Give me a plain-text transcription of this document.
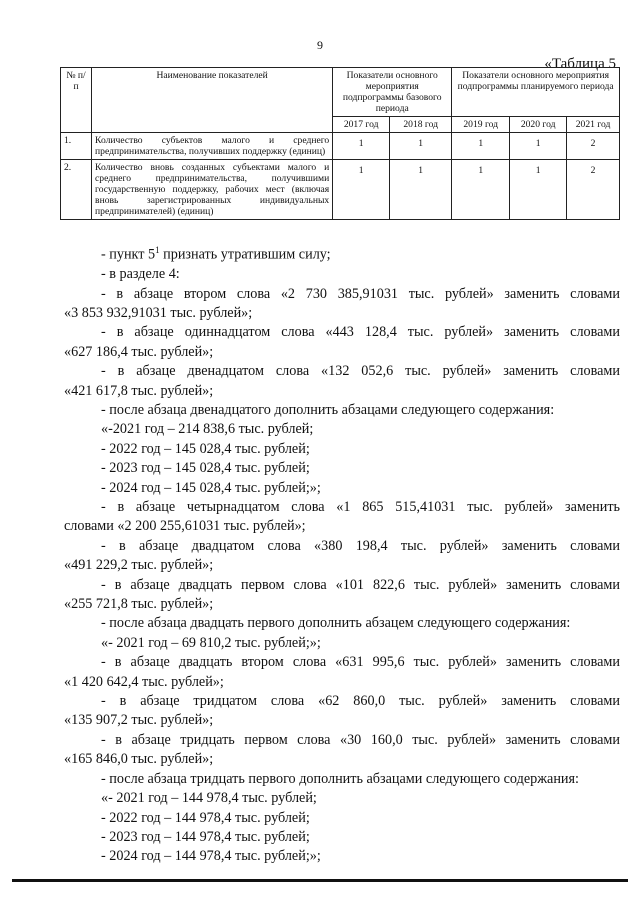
9
«Таблица 5
№ п/п	Наименование показателей	Показатели основного мероприятия подпрограммы базового периода		Показатели основного мероприятия подпрограммы планируемого периода		
		2017 год	2018 год	2019 год	2020 год	2021 год
1.	Количество субъектов малого и среднего предпринимательства, получивших поддержку (единиц)	1	1	1	1	2
2.	Количество вновь созданных субъектами малого и среднего предпринимательства, получившими государственную поддержку, рабочих мест (включая вновь зарегистрированных индивидуальных предпринимателей) (единиц)	1	1	1	1	2

- пункт $5^1$ признать утратившим силу;

- в разделе 4:

- в абзаце втором слова «2 730 385,91031 тыс. рублей» заменить словами

«3 853 932,91031 тыс. рублей»;

- в абзаце одиннадцатом слова «443 128,4 тыс. рублей» заменить словами

«627 186,4 тыс. рублей»;

- в абзаце двенадцатом слова «132 052,6 тыс. рублей» заменить словами

«421 617,8 тыс. рублей»;

- после абзаца двенадцатого дополнить абзацами следующего содержания:

«-2021 год – 214 838,6 тыс. рублей;

- 2022 год – 145 028,4 тыс. рублей;

- 2023 год – 145 028,4 тыс. рублей;

- 2024 год – 145 028,4 тыс. рублей;»;

- в абзаце четырнадцатом слова «1 865 515,41031 тыс. рублей» заменить

словами «2 200 255,61031 тыс. рублей»;

- в абзаце двадцатом слова «380 198,4 тыс. рублей» заменить словами

«491 229,2 тыс. рублей»;

- в абзаце двадцать первом слова «101 822,6 тыс. рублей» заменить словами

«255 721,8 тыс. рублей»;

- после абзаца двадцать первого дополнить абзацем следующего содержания:

«- 2021 год – 69 810,2 тыс. рублей;»;

- в абзаце двадцать втором слова «631 995,6 тыс. рублей» заменить словами

«1 420 642,4 тыс. рублей»;

- в абзаце тридцатом слова «62 860,0 тыс. рублей» заменить словами

«135 907,2 тыс. рублей»;

- в абзаце тридцать первом слова «30 160,0 тыс. рублей» заменить словами

«165 846,0 тыс. рублей»;

- после абзаца тридцать первого дополнить абзацами следующего содержания:

«- 2021 год – 144 978,4 тыс. рублей;

- 2022 год – 144 978,4 тыс. рублей;

- 2023 год – 144 978,4 тыс. рублей;

- 2024 год – 144 978,4 тыс. рублей;»;
